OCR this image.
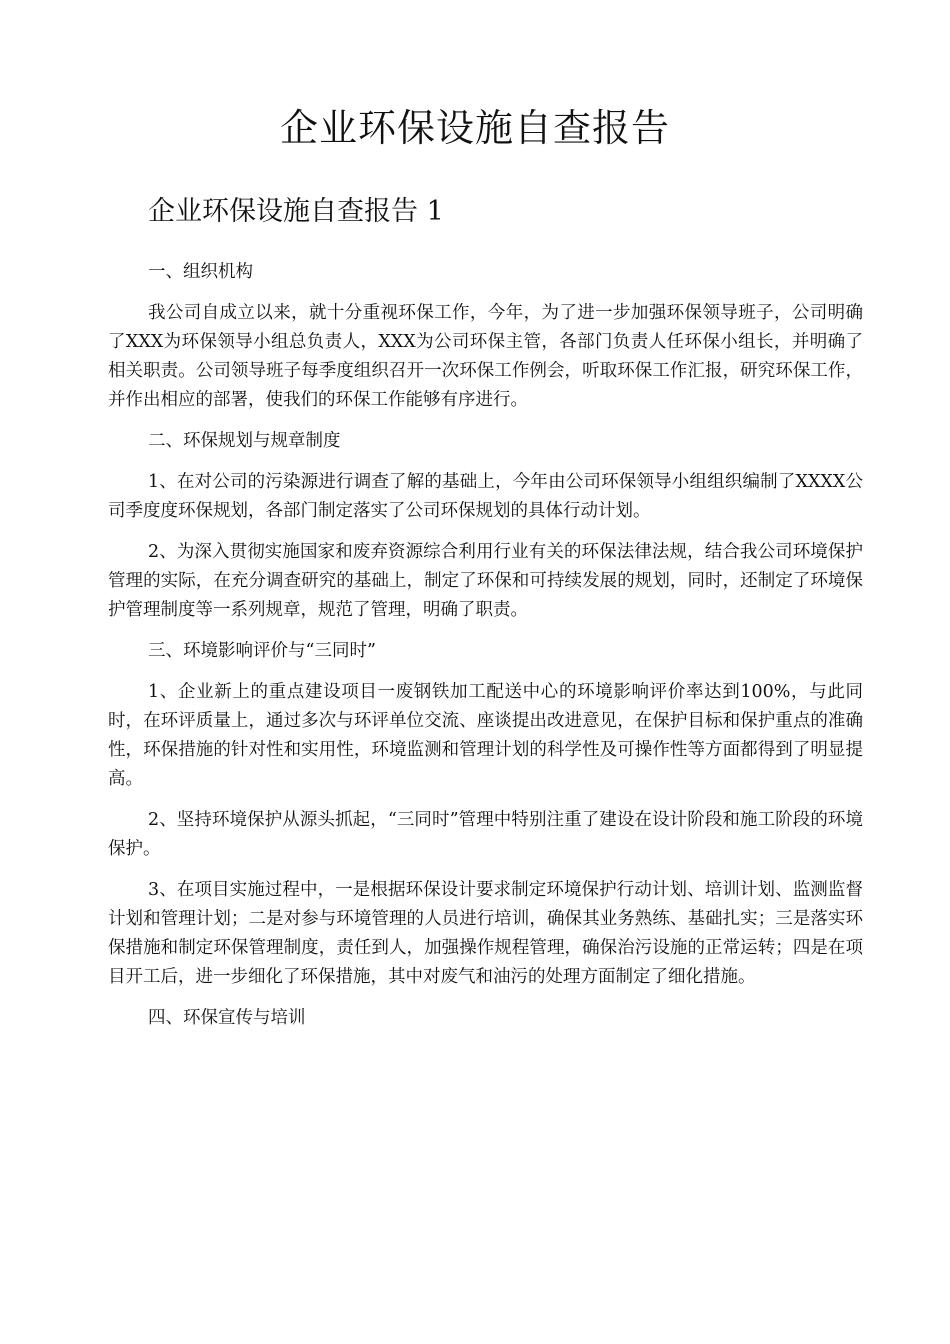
企业环保设施自查报告
企业环保设施自查报告 1

一、组织机构

我公司自成立以来，就十分重视环保工作，今年，为了进一步加强环保领导班子，公司明确了XXX为环保领导小组总负责人，XXX为公司环保主管，各部门负责人任环保小组长，并明确了相关职责。公司领导班子每季度组织召开一次环保工作例会，听取环保工作汇报，研究环保工作，并作出相应的部署，使我们的环保工作能够有序进行。

二、环保规划与规章制度

1、在对公司的污染源进行调查了解的基础上，今年由公司环保领导小组组织编制了XXXX公司季度度环保规划，各部门制定落实了公司环保规划的具体行动计划。

2、为深入贯彻实施国家和废弃资源综合利用行业有关的环保法律法规，结合我公司环境保护管理的实际，在充分调查研究的基础上，制定了环保和可持续发展的规划，同时，还制定了环境保护管理制度等一系列规章，规范了管理，明确了职责。

三、环境影响评价与“三同时”

1、企业新上的重点建设项目一废钢铁加工配送中心的环境影响评价率达到100%，与此同时，在环评质量上，通过多次与环评单位交流、座谈提出改进意见，在保护目标和保护重点的准确性，环保措施的针对性和实用性，环境监测和管理计划的科学性及可操作性等方面都得到了明显提高。

2、坚持环境保护从源头抓起，“三同时”管理中特别注重了建设在设计阶段和施工阶段的环境保护。

3、在项目实施过程中，一是根据环保设计要求制定环境保护行动计划、培训计划、监测监督计划和管理计划；二是对参与环境管理的人员进行培训，确保其业务熟练、基础扎实；三是落实环保措施和制定环保管理制度，责任到人，加强操作规程管理，确保治污设施的正常运转；四是在项目开工后，进一步细化了环保措施，其中对废气和油污的处理方面制定了细化措施。

四、环保宣传与培训
